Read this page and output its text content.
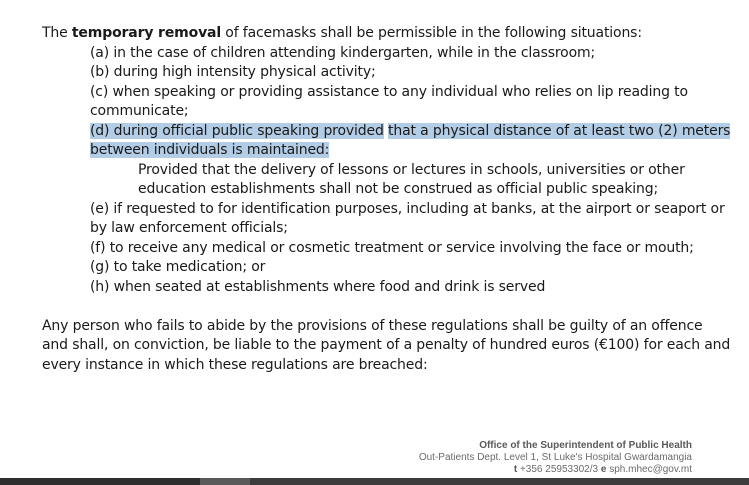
The temporary removal of facemasks shall be permissible in the following situations:
(a) in the case of children attending kindergarten, while in the classroom;
(b) during high intensity physical activity;
(c) when speaking or providing assistance to any individual who relies on lip reading to
communicate;
(d) during official public speaking provided that a physical distance of at least two (2) meters
between individuals is maintained:
Provided that the delivery of lessons or lectures in schools, universities or other
education establishments shall not be construed as official public speaking;
(e) if requested to for identification purposes, including at banks, at the airport or seaport or
by law enforcement officials;
(f) to receive any medical or cosmetic treatment or service involving the face or mouth;
(g) to take medication; or
(h) when seated at establishments where food and drink is served
Any person who fails to abide by the provisions of these regulations shall be guilty of an offence
and shall, on conviction, be liable to the payment of a penalty of hundred euros (€100) for each and
every instance in which these regulations are breached:
Office of the Superintendent of Public Health
Out-Patients Dept. Level 1, St Luke's Hospital Gwardamangia
t +356 25953302/3 e sph.mhec@gov.mt
